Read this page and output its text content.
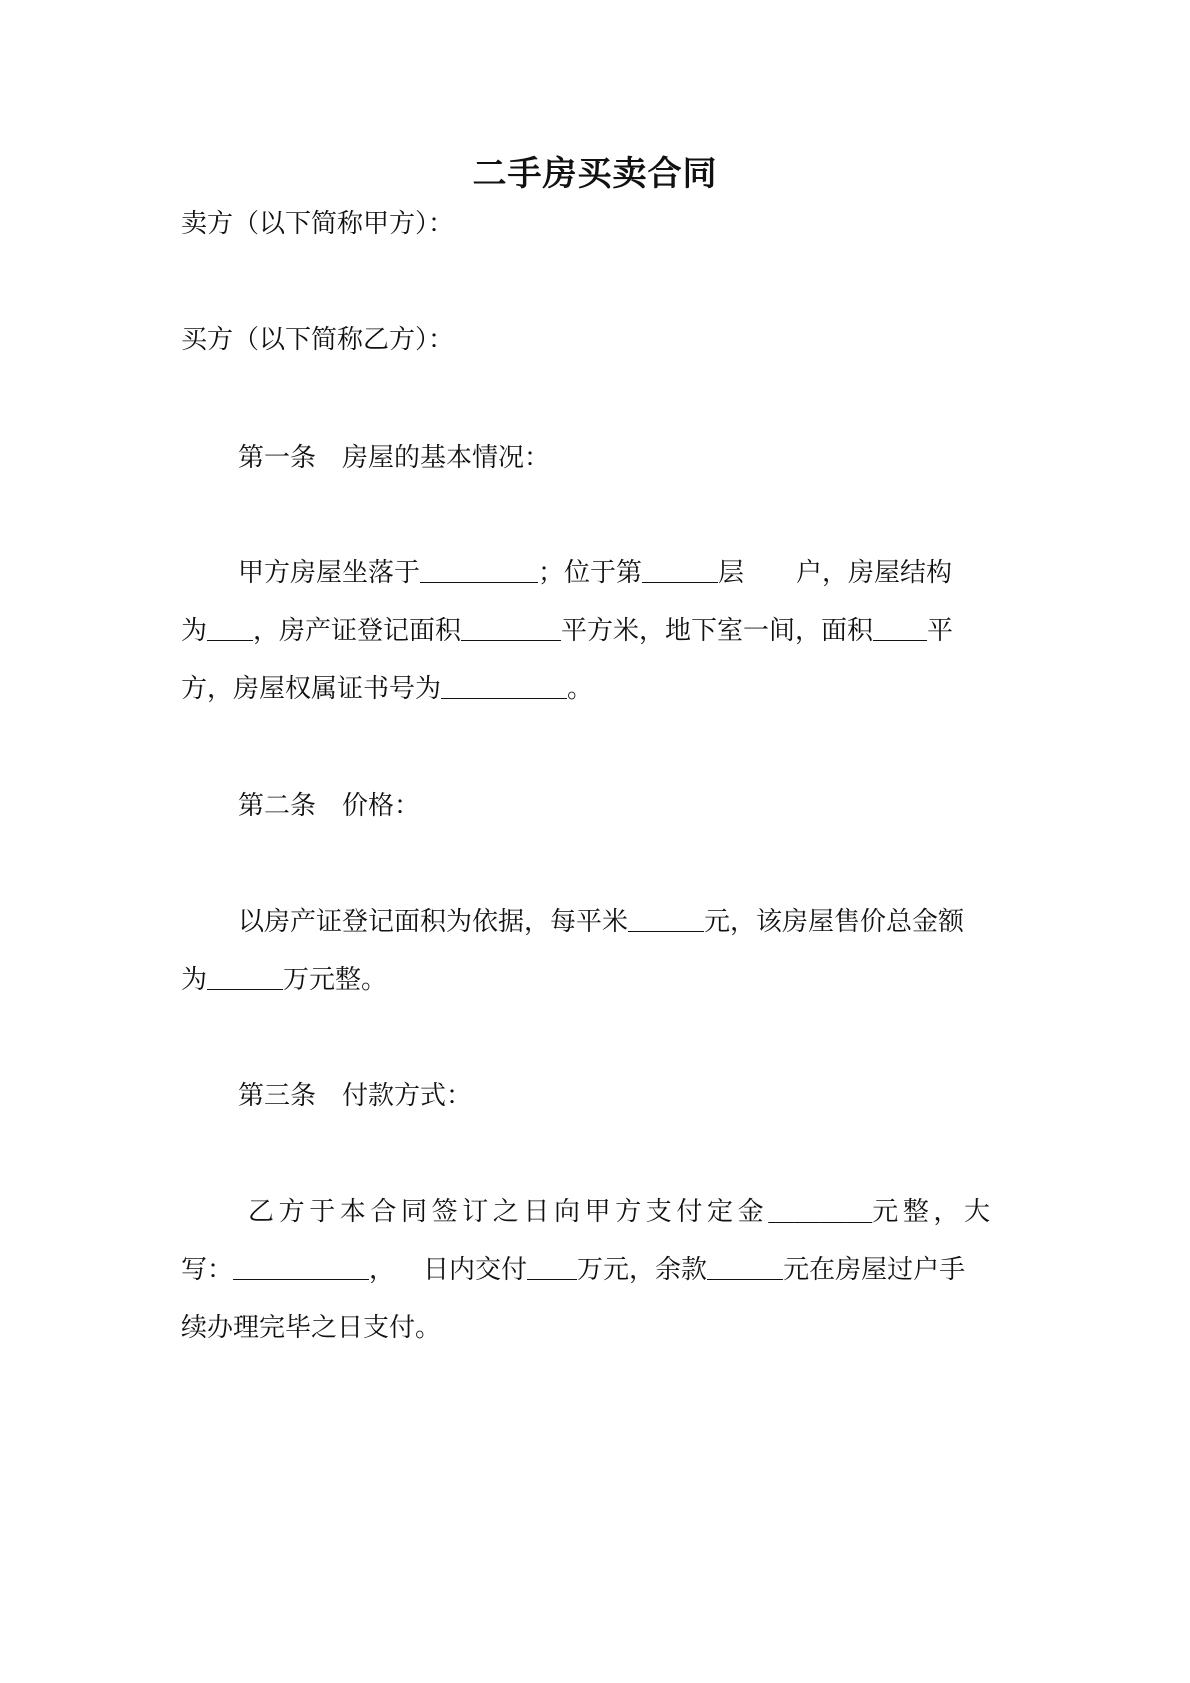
二手房买卖合同
卖方（以下简称甲方）：
买方（以下简称乙方）：
第一条 房屋的基本情况：
甲方房屋坐落于	；位于第	层 户，房屋结构
为 ，房产证登记面积	平方米，地下室一间，面积 平
方，房屋权属证书号为	。
第二条 价格：
以房产证登记面积为依据，每平米	元，该房屋售价总金额
为	万元整。
第三条 付款方式：
乙方于本合同签订之日向甲方支付定金＿＿＿＿元整，大
写：	， 日内交付 万元，余款	元在房屋过户手
续办理完毕之日支付。
